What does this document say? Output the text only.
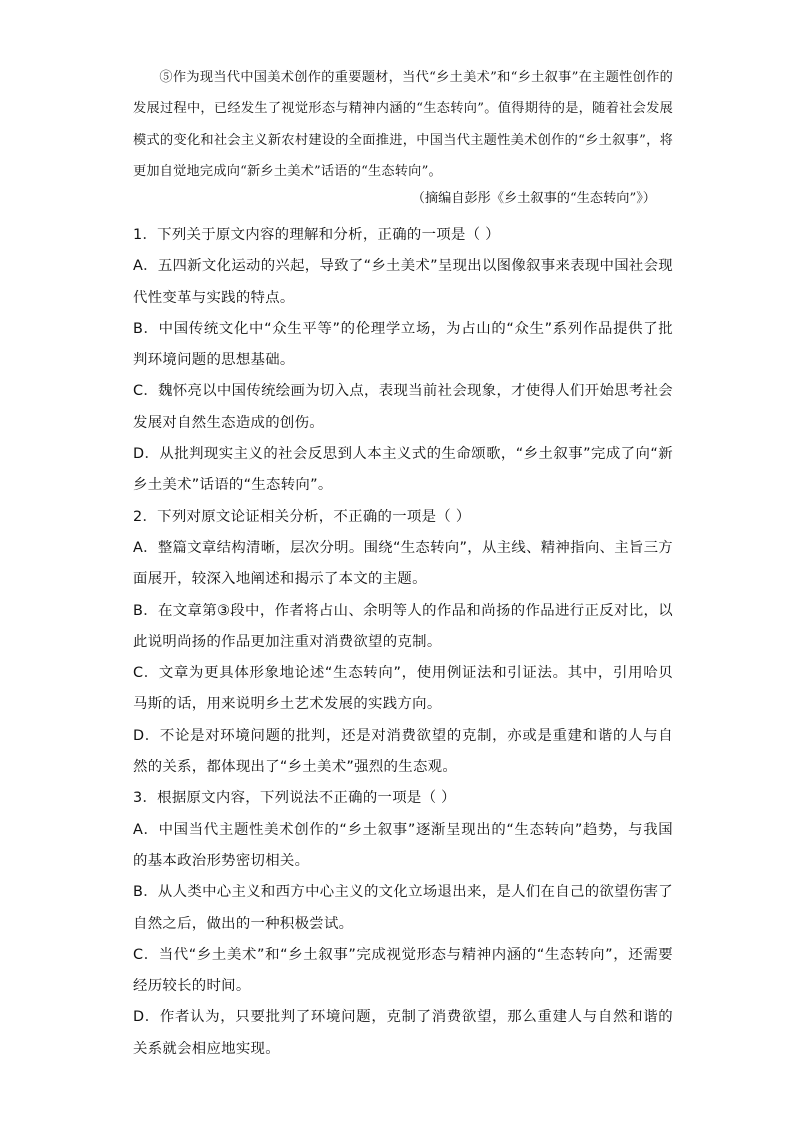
⑤作为现当代中国美术创作的重要题材，当代“乡土美术”和“乡土叙事”在主题性创作的发展过程中，已经发生了视觉形态与精神内涵的“生态转向”。值得期待的是，随着社会发展模式的变化和社会主义新农村建设的全面推进，中国当代主题性美术创作的“乡土叙事”，将更加自觉地完成向“新乡土美术”话语的“生态转向”。

（摘编自彭彤《乡土叙事的“生态转向”》）

1．下列关于原文内容的理解和分析，正确的一项是（ ）

A．五四新文化运动的兴起，导致了“乡土美术”呈现出以图像叙事来表现中国社会现代性变革与实践的特点。

B．中国传统文化中“众生平等”的伦理学立场，为占山的“众生”系列作品提供了批判环境问题的思想基础。

C．魏怀亮以中国传统绘画为切入点，表现当前社会现象，才使得人们开始思考社会发展对自然生态造成的创伤。

D．从批判现实主义的社会反思到人本主义式的生命颂歌，“乡土叙事”完成了向“新乡土美术”话语的“生态转向”。

2．下列对原文论证相关分析，不正确的一项是（ ）

A．整篇文章结构清晰，层次分明。围绕“生态转向”，从主线、精神指向、主旨三方面展开，较深入地阐述和揭示了本文的主题。

B．在文章第③段中，作者将占山、余明等人的作品和尚扬的作品进行正反对比，以此说明尚扬的作品更加注重对消费欲望的克制。

C．文章为更具体形象地论述“生态转向”，使用例证法和引证法。其中，引用哈贝马斯的话，用来说明乡土艺术发展的实践方向。

D．不论是对环境问题的批判，还是对消费欲望的克制，亦或是重建和谐的人与自然的关系，都体现出了“乡土美术”强烈的生态观。

3．根据原文内容，下列说法不正确的一项是（ ）

A．中国当代主题性美术创作的“乡土叙事”逐渐呈现出的“生态转向”趋势，与我国的基本政治形势密切相关。

B．从人类中心主义和西方中心主义的文化立场退出来，是人们在自己的欲望伤害了自然之后，做出的一种积极尝试。

C．当代“乡土美术”和“乡土叙事”完成视觉形态与精神内涵的“生态转向”，还需要经历较长的时间。

D．作者认为，只要批判了环境问题，克制了消费欲望，那么重建人与自然和谐的关系就会相应地实现。
